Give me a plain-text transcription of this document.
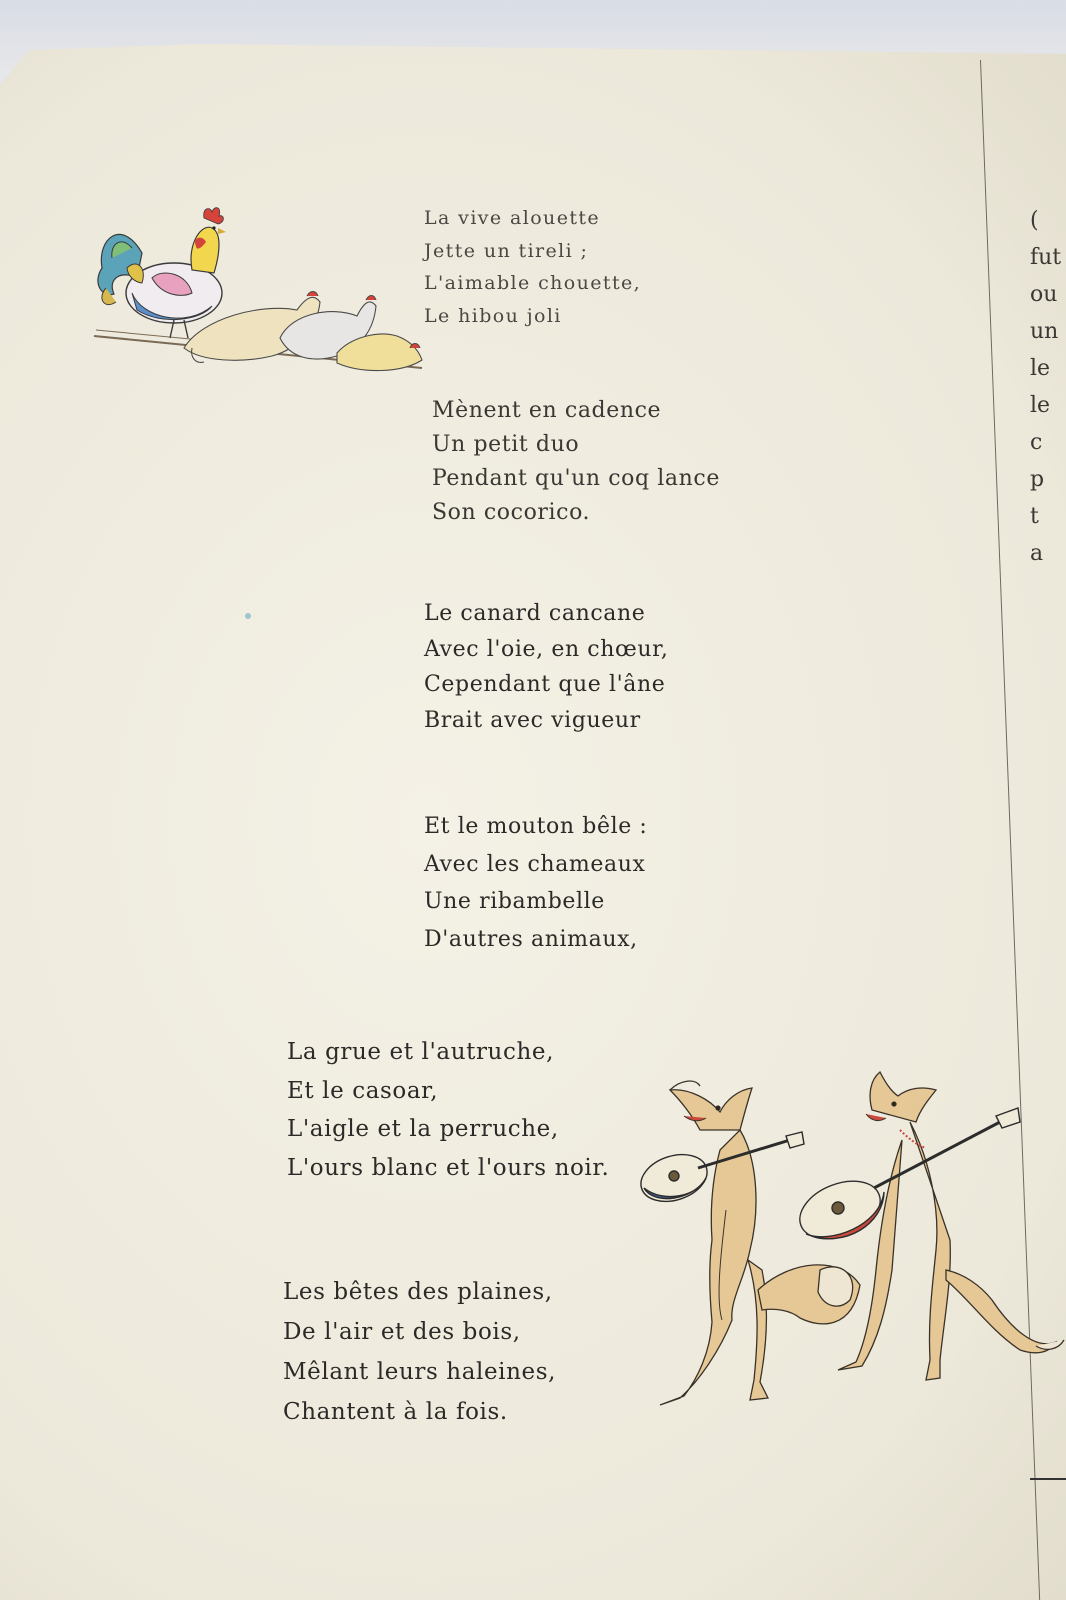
La vive alouette
Jette un tireli ;
L'aimable chouette,
Le hibou joli
Mènent en cadence
Un petit duo
Pendant qu'un coq lance
Son cocorico.
Le canard cancane
Avec l'oie, en chœur,
Cependant que l'âne
Brait avec vigueur
Et le mouton bêle :
Avec les chameaux
Une ribambelle
D'autres animaux,
La grue et l'autruche,
Et le casoar,
L'aigle et la perruche,
L'ours blanc et l'ours noir.
Les bêtes des plaines,
De l'air et des bois,
Mêlant leurs haleines,
Chantent à la fois.
(
fut
ou
un
le
le
c
p
t
a
